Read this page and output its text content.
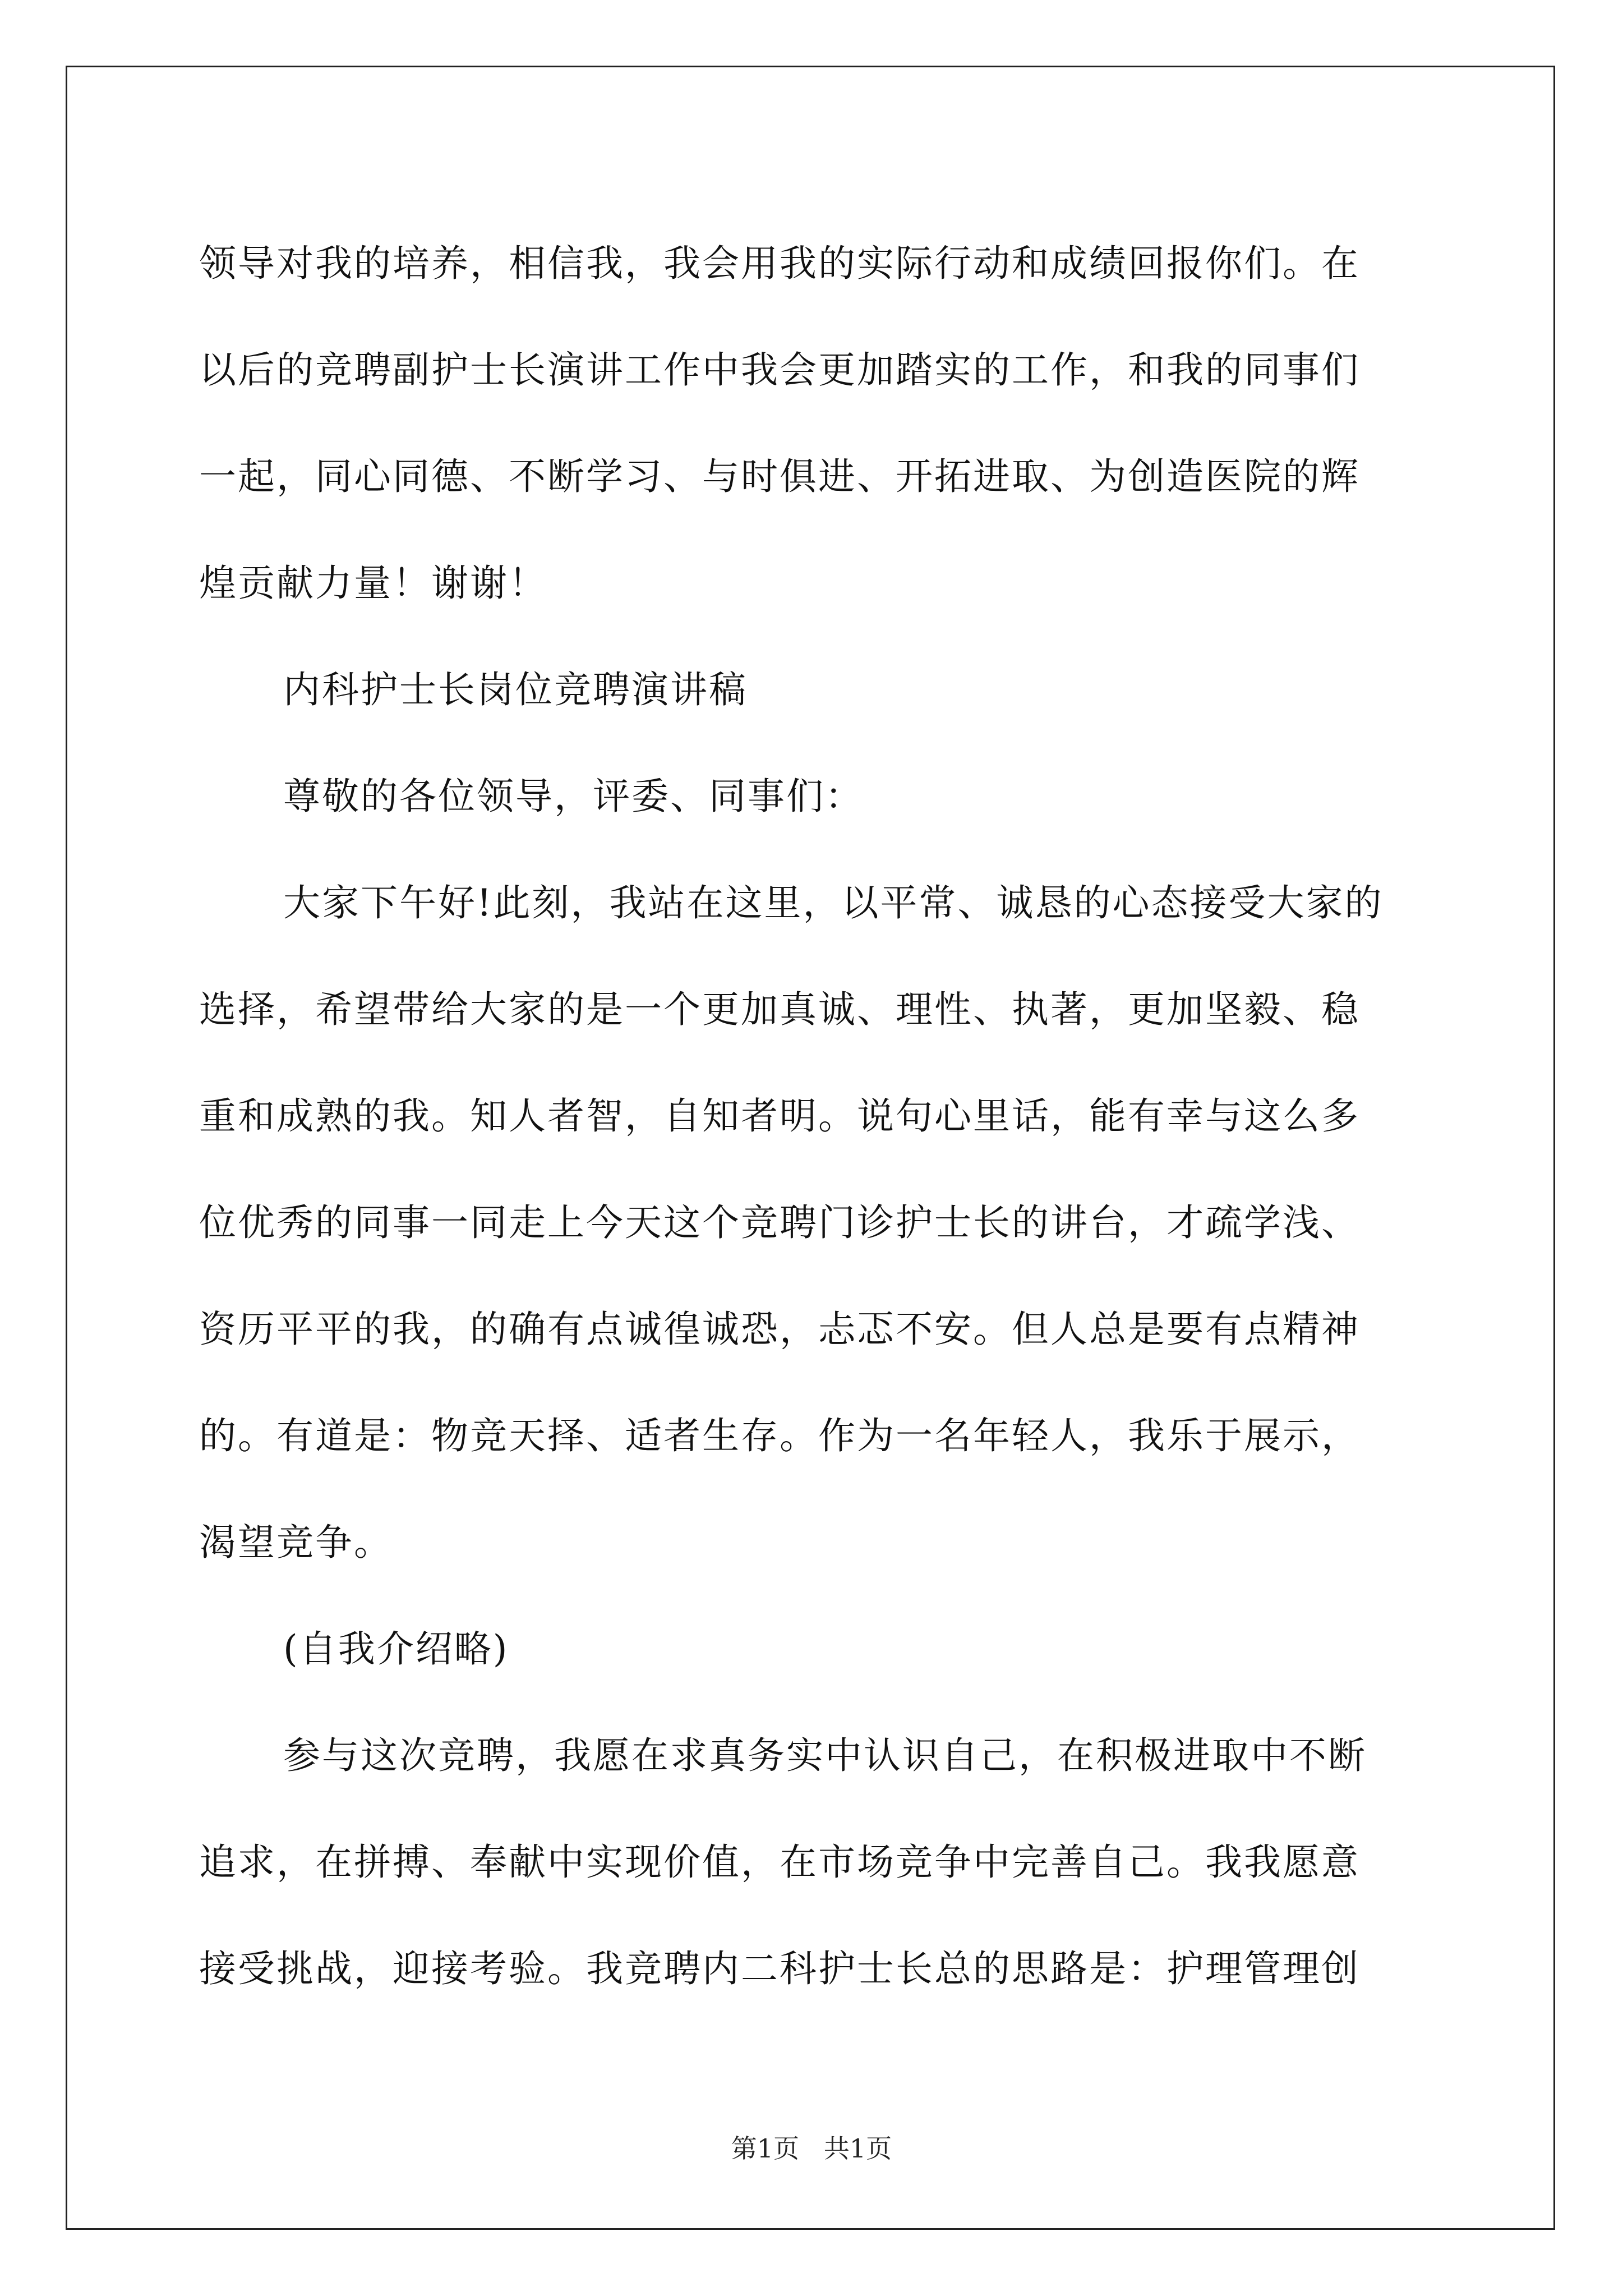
领导对我的培养，相信我，我会用我的实际行动和成绩回报你们。在
以后的竞聘副护士长演讲工作中我会更加踏实的工作，和我的同事们
一起，同心同德、不断学习、与时俱进、开拓进取、为创造医院的辉
煌贡献力量！谢谢！
内科护士长岗位竞聘演讲稿
尊敬的各位领导，评委、同事们：
大家下午好!此刻，我站在这里，以平常、诚恳的心态接受大家的
选择，希望带给大家的是一个更加真诚、理性、执著，更加坚毅、稳
重和成熟的我。知人者智，自知者明。说句心里话，能有幸与这么多
位优秀的同事一同走上今天这个竞聘门诊护士长的讲台，才疏学浅、
资历平平的我，的确有点诚徨诚恐，忐忑不安。但人总是要有点精神
的。有道是：物竞天择、适者生存。作为一名年轻人，我乐于展示，
渴望竞争。
(自我介绍略)
参与这次竞聘，我愿在求真务实中认识自己，在积极进取中不断
追求，在拼搏、奉献中实现价值，在市场竞争中完善自己。我我愿意
接受挑战，迎接考验。我竞聘内二科护士长总的思路是：护理管理创
第1页   共1页
